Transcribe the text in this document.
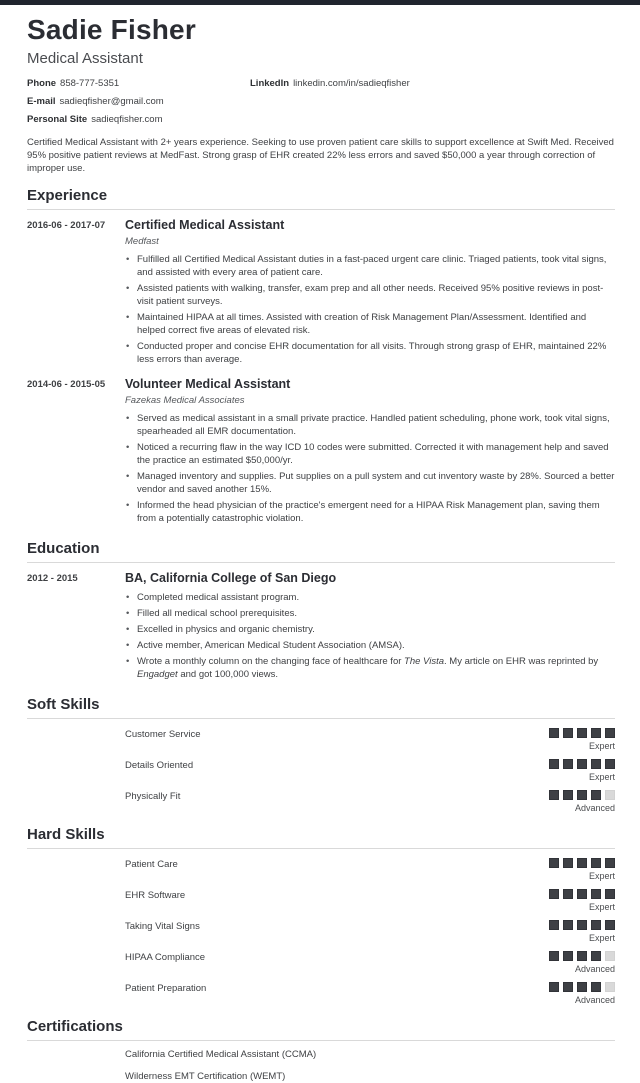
Sadie Fisher
Medical Assistant
Phone 858-777-5351	LinkedIn linkedin.com/in/sadieqfisher
E-mail sadieqfisher@gmail.com
Personal Site sadieqfisher.com
Certified Medical Assistant with 2+ years experience. Seeking to use proven patient care skills to support excellence at Swift Med. Received 95% positive patient reviews at MedFast. Strong grasp of EHR created 22% less errors and saved $50,000 a year through correction of improper use.
Experience
2016-06 - 2017-07	Certified Medical Assistant
Medfast
• Fulfilled all Certified Medical Assistant duties in a fast-paced urgent care clinic. Triaged patients, took vital signs, and assisted with every area of patient care.
• Assisted patients with walking, transfer, exam prep and all other needs. Received 95% positive reviews in post-visit patient surveys.
• Maintained HIPAA at all times. Assisted with creation of Risk Management Plan/Assessment. Identified and helped correct five areas of elevated risk.
• Conducted proper and concise EHR documentation for all visits. Through strong grasp of EHR, maintained 22% less errors than average.
2014-06 - 2015-05	Volunteer Medical Assistant
Fazekas Medical Associates
• Served as medical assistant in a small private practice. Handled patient scheduling, phone work, took vital signs, spearheaded all EMR documentation.
• Noticed a recurring flaw in the way ICD 10 codes were submitted. Corrected it with management help and saved the practice an estimated $50,000/yr.
• Managed inventory and supplies. Put supplies on a pull system and cut inventory waste by 28%. Sourced a better vendor and saved another 15%.
• Informed the head physician of the practice's emergent need for a HIPAA Risk Management plan, saving them from a potentially catastrophic violation.
Education
2012 - 2015	BA, California College of San Diego
• Completed medical assistant program.
• Filled all medical school prerequisites.
• Excelled in physics and organic chemistry.
• Active member, American Medical Student Association (AMSA).
• Wrote a monthly column on the changing face of healthcare for The Vista. My article on EHR was reprinted by Engadget and got 100,000 views.
Soft Skills
Customer Service
Expert
Details Oriented
Expert
Physically Fit
Advanced
Hard Skills
Patient Care
Expert
EHR Software
Expert
Taking Vital Signs
Expert
HIPAA Compliance
Advanced
Patient Preparation
Advanced
Certifications
California Certified Medical Assistant (CCMA)
Wilderness EMT Certification (WEMT)
